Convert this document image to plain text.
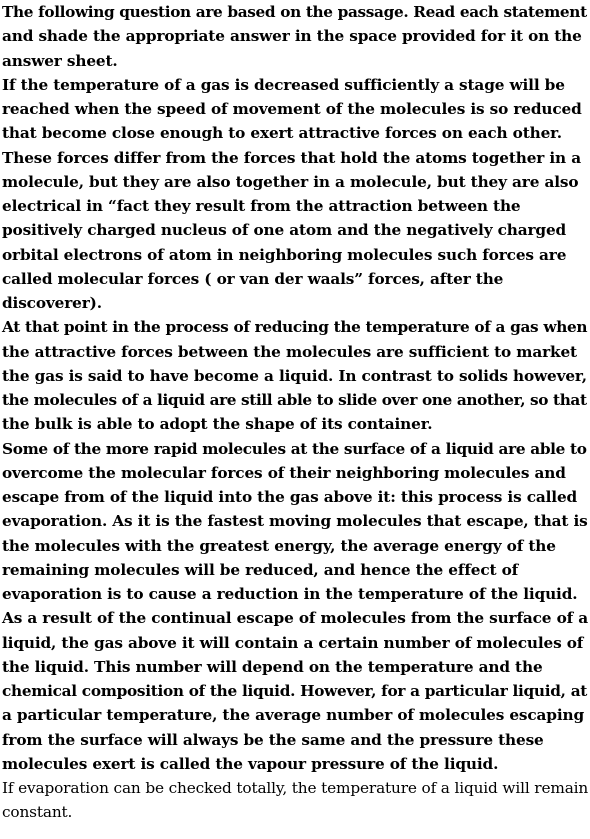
The following question are based on the passage. Read each statement
and shade the appropriate answer in the space provided for it on the
answer sheet.
If the temperature of a gas is decreased sufficiently a stage will be
reached when the speed of movement of the molecules is so reduced
that become close enough to exert attractive forces on each other.
These forces differ from the forces that hold the atoms together in a
molecule, but they are also together in a molecule, but they are also
electrical in “fact they result from the attraction between the
positively charged nucleus of one atom and the negatively charged
orbital electrons of atom in neighboring molecules such forces are
called molecular forces ( or van der waals” forces, after the
discoverer).
At that point in the process of reducing the temperature of a gas when
the attractive forces between the molecules are sufficient to market
the gas is said to have become a liquid. In contrast to solids however,
the molecules of a liquid are still able to slide over one another, so that
the bulk is able to adopt the shape of its container.
Some of the more rapid molecules at the surface of a liquid are able to
overcome the molecular forces of their neighboring molecules and
escape from of the liquid into the gas above it: this process is called
evaporation. As it is the fastest moving molecules that escape, that is
the molecules with the greatest energy, the average energy of the
remaining molecules will be reduced, and hence the effect of
evaporation is to cause a reduction in the temperature of the liquid.
As a result of the continual escape of molecules from the surface of a
liquid, the gas above it will contain a certain number of molecules of
the liquid. This number will depend on the temperature and the
chemical composition of the liquid. However, for a particular liquid, at
a particular temperature, the average number of molecules escaping
from the surface will always be the same and the pressure these
molecules exert is called the vapour pressure of the liquid.
If evaporation can be checked totally, the temperature of a liquid will remain
constant.
